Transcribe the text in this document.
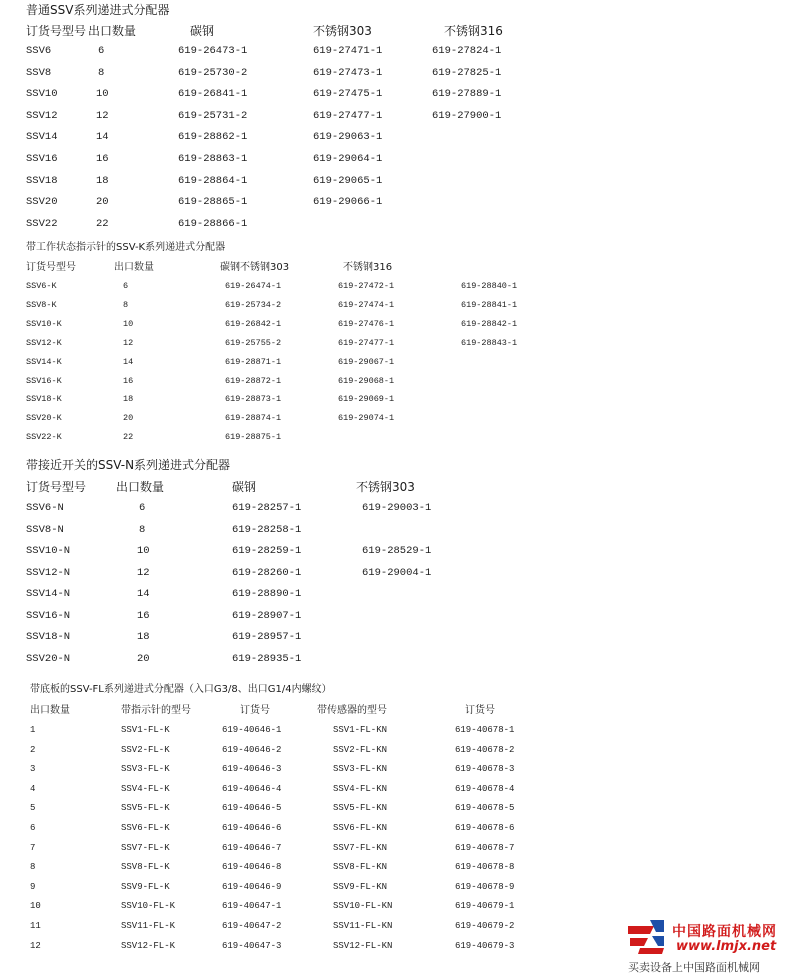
普通SSV系列递进式分配器
订货号型号 出口数量	碳钢	不锈钢303	不锈钢316
SSV6	6	619-26473-1	619-27471-1	619-27824-1
SSV8	8	619-25730-2	619-27473-1	619-27825-1
SSV10	10	619-26841-1	619-27475-1	619-27889-1
SSV12	12	619-25731-2	619-27477-1	619-27900-1
SSV14	14	619-28862-1	619-29063-1
SSV16	16	619-28863-1	619-29064-1
SSV18	18	619-28864-1	619-29065-1
SSV20	20	619-28865-1	619-29066-1
SSV22	22	619-28866-1
带工作状态指示针的SSV-K系列递进式分配器
订货号型号	出口数量	碳钢不锈钢303	不锈钢316
SSV6-K	6	619-26474-1	619-27472-1	619-28840-1
SSV8-K	8	619-25734-2	619-27474-1	619-28841-1
SSV10-K	10	619-26842-1	619-27476-1	619-28842-1
SSV12-K	12	619-25755-2	619-27477-1	619-28843-1
SSV14-K	14	619-28871-1	619-29067-1
SSV16-K	16	619-28872-1	619-29068-1
SSV18-K	18	619-28873-1	619-29069-1
SSV20-K	20	619-28874-1	619-29074-1
SSV22-K	22	619-28875-1
带接近开关的SSV-N系列递进式分配器
订货号型号 出口数量	碳钢	不锈钢303
SSV6-N	6	619-28257-1	619-29003-1
SSV8-N	8	619-28258-1
SSV10-N	10	619-28259-1	619-28529-1
SSV12-N	12	619-28260-1	619-29004-1
SSV14-N	14	619-28890-1
SSV16-N	16	619-28907-1
SSV18-N	18	619-28957-1
SSV20-N	20	619-28935-1
带底板的SSV-FL系列递进式分配器（入口G3/8、出口G1/4内螺纹）
出口数量	带指示针的型号	订货号	带传感器的型号	订货号
1	SSV1-FL-K	619-40646-1	SSV1-FL-KN	619-40678-1
2	SSV2-FL-K	619-40646-2	SSV2-FL-KN	619-40678-2
3	SSV3-FL-K	619-40646-3	SSV3-FL-KN	619-40678-3
4	SSV4-FL-K	619-40646-4	SSV4-FL-KN	619-40678-4
5	SSV5-FL-K	619-40646-5	SSV5-FL-KN	619-40678-5
6	SSV6-FL-K	619-40646-6	SSV6-FL-KN	619-40678-6
7	SSV7-FL-K	619-40646-7	SSV7-FL-KN	619-40678-7
8	SSV8-FL-K	619-40646-8	SSV8-FL-KN	619-40678-8
9	SSV9-FL-K	619-40646-9	SSV9-FL-KN	619-40678-9
10	SSV10-FL-K	619-40647-1	SSV10-FL-KN	619-40679-1
11	SSV11-FL-K	619-40647-2	SSV11-FL-KN	619-40679-2
12	SSV12-FL-K	619-40647-3	SSV12-FL-KN	619-40679-3
中国路面机械网
www.lmjx.net
买卖设备上中国路面机械网
